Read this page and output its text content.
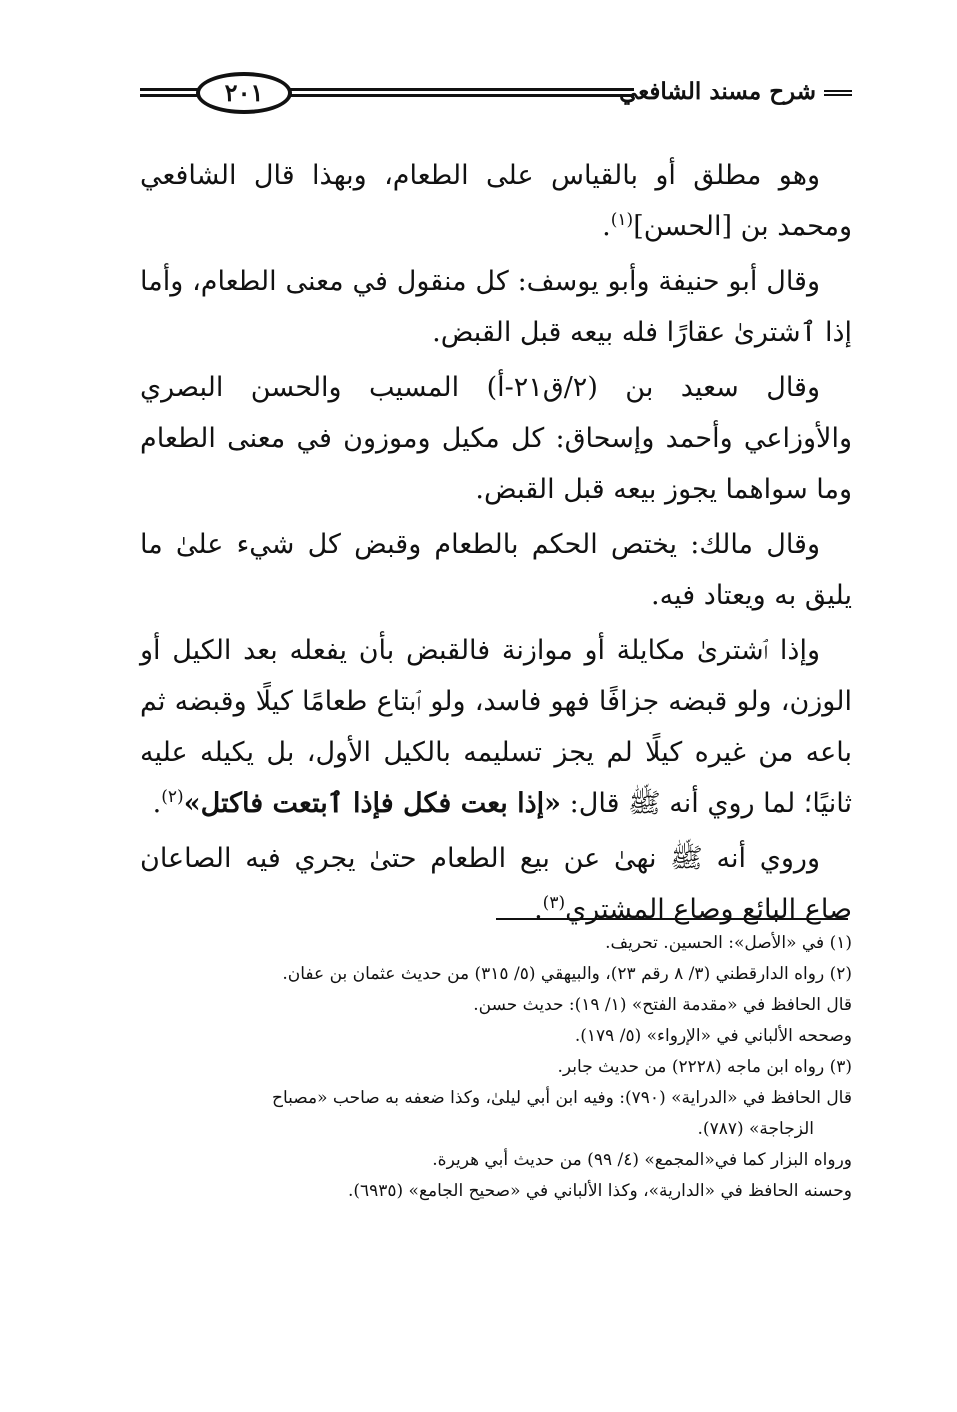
شرح مسند الشافعي
٢٠١

وهو مطلق أو بالقياس على الطعام، وبهذا قال الشافعي ومحمد بن [الحسن]$^{(١)}$.

وقال أبو حنيفة وأبو يوسف: كل منقول في معنى الطعام، وأما إذا ٱشترىٰ عقارًا فله بيعه قبل القبض.

وقال سعيد بن (٢/ق٢١-أ) المسيب والحسن البصري والأوزاعي وأحمد وإسحاق: كل مكيل وموزون في معنى الطعام وما سواهما يجوز بيعه قبل القبض.

وقال مالك: يختص الحكم بالطعام وقبض كل شيء علىٰ ما يليق به ويعتاد فيه.

وإذا ٱشترىٰ مكايلة أو موازنة فالقبض بأن يفعله بعد الكيل أو الوزن، ولو قبضه جزافًا فهو فاسد، ولو ٱبتاع طعامًا كيلًا وقبضه ثم باعه من غيره كيلًا لم يجز تسليمه بالكيل الأول، بل يكيله عليه ثانيًا؛ لما روي أنه ﷺ قال: «إذا بعت فكل فإذا ٱبتعت فاكتل»$^{(٢)}$.

وروي أنه ﷺ نهىٰ عن بيع الطعام حتىٰ يجري فيه الصاعان صاع البائع وصاع المشتري$^{(٣)}$.

(١) في «الأصل»: الحسين. تحريف.
(٢) رواه الدارقطني (٣/ ٨ رقم ٢٣)، والبيهقي (٥/ ٣١٥) من حديث عثمان بن عفان.
قال الحافظ في «مقدمة الفتح» (١/ ١٩): حديث حسن.
وصححه الألباني في «الإرواء» (٥/ ١٧٩).
(٣) رواه ابن ماجه (٢٢٢٨) من حديث جابر.
قال الحافظ في «الدراية» (٧٩٠): وفيه ابن أبي ليلىٰ، وكذا ضعفه به صاحب «مصباح
الزجاجة» (٧٨٧).
ورواه البزار كما في«المجمع» (٤/ ٩٩) من حديث أبي هريرة.
وحسنه الحافظ في «الدارية»، وكذا الألباني في «صحيح الجامع» (٦٩٣٥).
